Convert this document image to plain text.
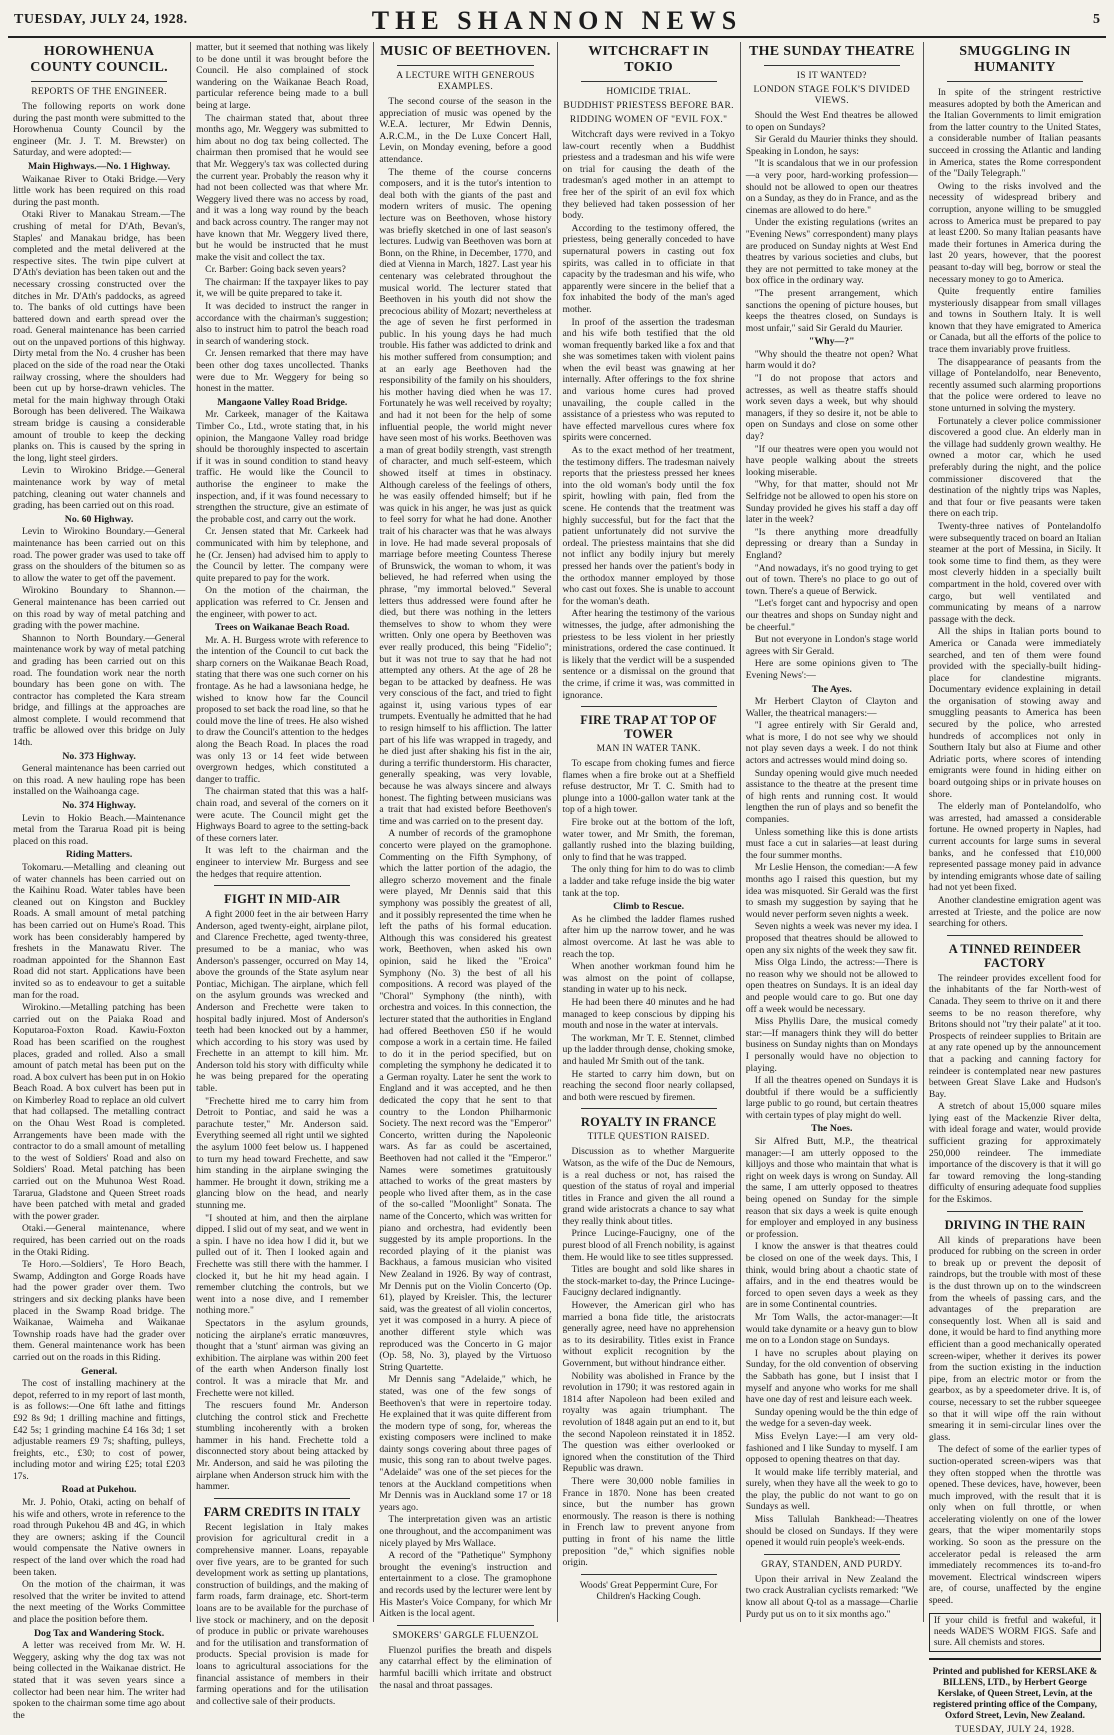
TUESDAY, JULY 24, 1928.	THE SHANNON NEWS	5
HOROWHENUA COUNTY COUNCIL.
REPORTS OF THE ENGINEER.

The following reports on work done during the past month were submitted to the Horowhenua County Council by the engineer (Mr. J. T. M. Brewster) on Saturday, and were adopted:—

Main Highways.—No. 1 Highway.

Waikanae River to Otaki Bridge.—Very little work has been required on this road during the past month.

Otaki River to Manakau Stream.—The crushing of metal for D'Ath, Bevan's, Staples' and Manakau bridge, has been completed and the metal delivered at the respective sites. The twin pipe culvert at D'Ath's deviation has been taken out and the necessary crossing constructed over the ditches in Mr. D'Ath's paddocks, as agreed to. The banks of old cuttings have been battered down and earth spread over the road. General maintenance has been carried out on the unpaved portions of this highway. Dirty metal from the No. 4 crusher has been placed on the side of the road near the Otaki railway crossing, where the shoulders had been cut up by horse-drawn vehicles. The metal for the main highway through Otaki Borough has been delivered. The Waikawa stream bridge is causing a considerable amount of trouble to keep the decking planks on. This is caused by the spring in the long, light steel girders.

Levin to Wirokino Bridge.—General maintenance work by way of metal patching, cleaning out water channels and grading, has been carried out on this road.

No. 60 Highway.

Levin to Wirokino Boundary.—General maintenance has been carried out on this road. The power grader was used to take off grass on the shoulders of the bitumen so as to allow the water to get off the pavement.

Wirokino Boundary to Shannon.—General maintenance has been carried out on this road by way of metal patching and grading with the power machine.

Shannon to North Boundary.—General maintenance work by way of metal patching and grading has been carried out on this road. The foundation work near the north boundary has been gone on with. The contractor has completed the Kara stream bridge, and fillings at the approaches are almost complete. I would recommend that traffic be allowed over this bridge on July 14th.

No. 373 Highway.

General maintenance has been carried out on this road. A new hauling rope has been installed on the Waihoanga cage.

No. 374 Highway.

Levin to Hokio Beach.—Maintenance metal from the Tararua Road pit is being placed on this road.

Riding Matters.

Tokomaru.—Metalling and cleaning out of water channels has been carried out on the Kaihinu Road. Water tables have been cleaned out on Kingston and Buckley Roads. A small amount of metal patching has been carried out on Hume's Road. This work has been considerably hampered by freshets in the Manawatu River. The roadman appointed for the Shannon East Road did not start. Applications have been invited so as to endeavour to get a suitable man for the road.

Wirokino.—Metalling patching has been carried out on the Paiaka Road and Koputaroa-Foxton Road. Kawiu-Foxton Road has been scarified on the roughest places, graded and rolled. Also a small amount of patch metal has been put on the road. A box culvert has been put in on Hokio Beach Road. A box culvert has been put in on Kimberley Road to replace an old culvert that had collapsed. The metalling contract on the Ohau West Road is completed. Arrangements have been made with the contractor to do a small amount of metalling to the west of Soldiers' Road and also on Soldiers' Road. Metal patching has been carried out on the Muhunoa West Road. Tararua, Gladstone and Queen Street roads have been patched with metal and graded with the power grader.

Otaki.—General maintenance, where required, has been carried out on the roads in the Otaki Riding.

Te Horo.—Soldiers', Te Horo Beach, Swamp, Addington and Gorge Roads have had the power grader over them. Two stringers and six decking planks have been placed in the Swamp Road bridge. The Waikanae, Waimeha and Waikanae Township roads have had the grader over them. General maintenance work has been carried out on the roads in this Riding.

General.

The cost of installing machinery at the depot, referred to in my report of last month, is as follows:—One 6ft lathe and fittings £92 8s 9d; 1 drilling machine and fittings, £42 5s; 1 grinding machine £4 16s 3d; 1 set adjustable reamers £9 7s; shafting, pulleys, freights, etc., £30; to cost of power, including motor and wiring £25; total £203 17s.

Road at Pukehou.

Mr. J. Pohio, Otaki, acting on behalf of his wife and others, wrote in reference to the road through Pukehou 4B and 4G, in which they are owners; asking if the Council would compensate the Native owners in respect of the land over which the road had been taken.

On the motion of the chairman, it was resolved that the writer be invited to attend the next meeting of the Works Committee and place the position before them.

Dog Tax and Wandering Stock.

A letter was received from Mr. W. H. Weggery, asking why the dog tax was not being collected in the Waikanae district. He stated that it was seven years since a collector had been near him. The writer had spoken to the chairman some time ago about the

matter, but it seemed that nothing was likely to be done until it was brought before the Council. He also complained of stock wandering on the Waikanae Beach Road, particular reference being made to a bull being at large.

The chairman stated that, about three months ago, Mr. Weggery was submitted to him about no dog tax being collected. The chairman then promised that he would see that Mr. Weggery's tax was collected during the current year. Probably the reason why it had not been collected was that where Mr. Weggery lived there was no access by road, and it was a long way round by the beach and back across country. The ranger may not have known that Mr. Weggery lived there, but he would be instructed that he must make the visit and collect the tax.

Cr. Barber: Going back seven years?

The chairman: If the taxpayer likes to pay it, we will be quite prepared to take it.

It was decided to instruct the ranger in accordance with the chairman's suggestion; also to instruct him to patrol the beach road in search of wandering stock.

Cr. Jensen remarked that there may have been other dog taxes uncollected. Thanks were due to Mr. Weggery for being so honest in the matter.

Mangaone Valley Road Bridge.

Mr. Carkeek, manager of the Kaitawa Timber Co., Ltd., wrote stating that, in his opinion, the Mangaone Valley road bridge should be thoroughly inspected to ascertain if it was in sound condition to stand heavy traffic. He would like the Council to authorise the engineer to make the inspection, and, if it was found necessary to strengthen the structure, give an estimate of the probable cost, and carry out the work.

Cr. Jensen stated that Mr. Carkeek had communicated with him by telephone, and he (Cr. Jensen) had advised him to apply to the Council by letter. The company were quite prepared to pay for the work.

On the motion of the chairman, the application was referred to Cr. Jensen and the engineer, with power to act.

Trees on Waikanae Beach Road.

Mr. A. H. Burgess wrote with reference to the intention of the Council to cut back the sharp corners on the Waikanae Beach Road, stating that there was one such corner on his frontage. As he had a lawsoniana hedge, he wished to know how far the Council proposed to set back the road line, so that he could move the line of trees. He also wished to draw the Council's attention to the hedges along the Beach Road. In places the road was only 13 or 14 feet wide between overgrown hedges, which constituted a danger to traffic.

The chairman stated that this was a half-chain road, and several of the corners on it were acute. The Council might get the Highways Board to agree to the setting-back of these corners later.

It was left to the chairman and the engineer to interview Mr. Burgess and see the hedges that require attention.

FIGHT IN MID-AIR

A fight 2000 feet in the air between Harry Anderson, aged twenty-eight, airplane pilot, and Clarence Frechette, aged twenty-three, presumed to be a maniac, who was Anderson's passenger, occurred on May 14, above the grounds of the State asylum near Pontiac, Michigan. The airplane, which fell on the asylum grounds was wrecked and Anderson and Frechette were taken to hospital badly injured. Most of Anderson's teeth had been knocked out by a hammer, which according to his story was used by Frechette in an attempt to kill him. Mr. Anderson told his story with difficulty while he was being prepared for the operating table.

"Frechette hired me to carry him from Detroit to Pontiac, and said he was a parachute tester," Mr. Anderson said. Everything seemed all right until we sighted the asylum 1000 feet below us. I happened to turn my head toward Frechette, and saw him standing in the airplane swinging the hammer. He brought it down, striking me a glancing blow on the head, and nearly stunning me.

"I shouted at him, and then the airplane dipped. I slid out of my seat, and we went in a spin. I have no idea how I did it, but we pulled out of it. Then I looked again and Frechette was still there with the hammer. I clocked it, but he hit my head again. I remember clutching the controls, but we went into a nose dive, and I remember nothing more."

Spectators in the asylum grounds, noticing the airplane's erratic manœuvres, thought that a 'stunt' airman was giving an exhibition. The airplane was within 200 feet of the earth when Anderson finally lost control. It was a miracle that Mr. and Frechette were not killed.

The rescuers found Mr. Anderson clutching the control stick and Frechette stumbling incoherently with a broken hammer in his hand. Frechette told a disconnected story about being attacked by Mr. Anderson, and said he was piloting the airplane when Anderson struck him with the hammer.

FARM CREDITS IN ITALY

Recent legislation in Italy makes provision for agricultural credit in a comprehensive manner. Loans, repayable over five years, are to be granted for such development work as setting up plantations, construction of buildings, and the making of farm roads, farm drainage, etc. Short-term loans are to be available for the purchase of live stock or machinery, and on the deposit of produce in public or private warehouses and for the utilisation and transformation of products. Special provision is made for loans to agricultural associations for the financial assistance of members in their farming operations and for the utilisation and collective sale of their products.

MUSIC OF BEETHOVEN.
A LECTURE WITH GENEROUS EXAMPLES.

The second course of the season in the appreciation of music was opened by the W.E.A. lecturer, Mr Edwin Dennis, A.R.C.M., in the De Luxe Concert Hall, Levin, on Monday evening, before a good attendance.

The theme of the course concerns composers, and it is the tutor's intention to deal both with the giants of the past and modern writers of music. The opening lecture was on Beethoven, whose history was briefly sketched in one of last season's lectures. Ludwig van Beethoven was born at Bonn, on the Rhine, in December, 1770, and died at Vienna in March, 1827. Last year his centenary was celebrated throughout the musical world. The lecturer stated that Beethoven in his youth did not show the precocious ability of Mozart; nevertheless at the age of seven he first performed in public. In his young days he had much trouble. His father was addicted to drink and his mother suffered from consumption; and at an early age Beethoven had the responsibility of the family on his shoulders, his mother having died when he was 17. Fortunately he was well received by royalty; and had it not been for the help of some influential people, the world might never have seen most of his works. Beethoven was a man of great bodily strength, vast strength of character, and much self-esteem, which showed itself at times in obstinacy. Although careless of the feelings of others, he was easily offended himself; but if he was quick in his anger, he was just as quick to feel sorry for what he had done. Another trait of his character was that he was always in love. He had made several proposals of marriage before meeting Countess Therese of Brunswick, the woman to whom, it was believed, he had referred when using the phrase, "my immortal beloved." Several letters thus addressed were found after he died, but there was nothing in the letters themselves to show to whom they were written. Only one opera by Beethoven was ever really produced, this being "Fidelio"; but it was not true to say that he had not attempted any others. At the age of 28 he began to be attacked by deafness. He was very conscious of the fact, and tried to fight against it, using various types of ear trumpets. Eventually he admitted that he had to resign himself to his affliction. The latter part of his life was wrapped in tragedy, and he died just after shaking his fist in the air, during a terrific thunderstorm. His character, generally speaking, was very lovable, because he was always sincere and always honest. The fighting between musicians was a trait that had existed before Beethoven's time and was carried on to the present day.

A number of records of the gramophone concerto were played on the gramophone. Commenting on the Fifth Symphony, of which the latter portion of the adagio, the allegro scherzo movement and the finale were played, Mr Dennis said that this symphony was possibly the greatest of all, and it possibly represented the time when he left the paths of his formal education. Although this was considered his greatest work, Beethoven, when asked his own opinion, said he liked the "Eroica" Symphony (No. 3) the best of all his compositions. A record was played of the "Choral" Symphony (the ninth), with orchestra and voices. In this connection, the lecturer stated that the authorities in England had offered Beethoven £50 if he would compose a work in a certain time. He failed to do it in the period specified, but on completing the symphony he dedicated it to a German royalty. Later he sent the work to England and it was accepted, and he then dedicated the copy that he sent to that country to the London Philharmonic Society. The next record was the "Emperor" Concerto, written during the Napoleonic wars. As far as could be ascertained, Beethoven had not called it the "Emperor." Names were sometimes gratuitously attached to works of the great masters by people who lived after them, as in the case of the so-called "Moonlight" Sonata. The name of the Concerto, which was written for piano and orchestra, had evidently been suggested by its ample proportions. In the recorded playing of it the pianist was Backhaus, a famous musician who visited New Zealand in 1926. By way of contrast, Mr Dennis put on the Violin Concerto (Op. 61), played by Kreisler. This, the lecturer said, was the greatest of all violin concertos, yet it was composed in a hurry. A piece of another different style which was reproduced was the Concerto in G major (Op. 58, No. 3), played by the Virtuoso String Quartette.

Mr Dennis sang "Adelaide," which, he stated, was one of the few songs of Beethoven's that were in repertoire today. He explained that it was quite different from the modern type of song, for, whereas the existing composers were inclined to make dainty songs covering about three pages of music, this song ran to about twelve pages. "Adelaide" was one of the set pieces for the tenors at the Auckland competitions when Mr Dennis was in Auckland some 17 or 18 years ago.

The interpretation given was an artistic one throughout, and the accompaniment was nicely played by Mrs Wallace.

A record of the "Pathetique" Symphony brought the evening's instruction and entertainment to a close. The gramophone and records used by the lecturer were lent by His Master's Voice Company, for which Mr Aitken is the local agent.

SMOKERS' GARGLE FLUENZOL

Fluenzol purifies the breath and dispels any catarrhal effect by the elimination of harmful bacilli which irritate and obstruct the nasal and throat passages.

WITCHCRAFT IN TOKIO
HOMICIDE TRIAL.
BUDDHIST PRIESTESS BEFORE BAR.
RIDDING WOMEN OF "EVIL FOX."

Witchcraft days were revived in a Tokyo law-court recently when a Buddhist priestess and a tradesman and his wife were on trial for causing the death of the tradesman's aged mother in an attempt to free her of the spirit of an evil fox which they believed had taken possession of her body.

According to the testimony offered, the priestess, being generally conceded to have supernatural powers in casting out fox spirits, was called in to officiate in that capacity by the tradesman and his wife, who apparently were sincere in the belief that a fox inhabited the body of the man's aged mother.

In proof of the assertion the tradesman and his wife both testified that the old woman frequently barked like a fox and that she was sometimes taken with violent pains when the evil beast was gnawing at her internally. After offerings to the fox shrine and various home cures had proved unavailing, the couple called in the assistance of a priestess who was reputed to have effected marvellous cures where fox spirits were concerned.

As to the exact method of her treatment, the testimony differs. The tradesman naively reports that the priestess pressed her knees into the old woman's body until the fox spirit, howling with pain, fled from the scene. He contends that the treatment was highly successful, but for the fact that the patient unfortunately did not survive the ordeal. The priestess maintains that she did not inflict any bodily injury but merely pressed her hands over the patient's body in the orthodox manner employed by those who cast out foxes. She is unable to account for the woman's death.

After hearing the testimony of the various witnesses, the judge, after admonishing the priestess to be less violent in her priestly ministrations, ordered the case continued. It is likely that the verdict will be a suspended sentence or a dismissal on the ground that the crime, if crime it was, was committed in ignorance.

FIRE TRAP AT TOP OF TOWER
MAN IN WATER TANK.

To escape from choking fumes and fierce flames when a fire broke out at a Sheffield refuse destructor, Mr T. C. Smith had to plunge into a 1000-gallon water tank at the top of a high tower.

Fire broke out at the bottom of the loft, water tower, and Mr Smith, the foreman, gallantly rushed into the blazing building, only to find that he was trapped.

The only thing for him to do was to climb a ladder and take refuge inside the big water tank at the top.

Climb to Rescue.

As he climbed the ladder flames rushed after him up the narrow tower, and he was almost overcome. At last he was able to reach the top.

When another workman found him he was almost on the point of collapse, standing in water up to his neck.

He had been there 40 minutes and he had managed to keep conscious by dipping his mouth and nose in the water at intervals.

The workman, Mr T. E. Stennet, climbed up the ladder through dense, choking smoke, and hauled Mr Smith out of the tank.

He started to carry him down, but on reaching the second floor nearly collapsed, and both were rescued by firemen.

ROYALTY IN FRANCE
TITLE QUESTION RAISED.

Discussion as to whether Marguerite Watson, as the wife of the Duc de Nemours, is a real duchess or not, has raised the question of the status of royal and imperial titles in France and given the all round a grand wide aristocrats a chance to say what they really think about titles.

Prince Lucinge-Faucigny, one of the purest blood of all French nobility, is against them. He would like to see titles suppressed.

Titles are bought and sold like shares in the stock-market to-day, the Prince Lucinge-Faucigny declared indignantly.

However, the American girl who has married a bona fide title, the aristocrats generally agree, need have no apprehension as to its desirability. Titles exist in France without explicit recognition by the Government, but without hindrance either.

Nobility was abolished in France by the revolution in 1790; it was restored again in 1814 after Napoleon had been exiled and royalty was again triumphant. The revolution of 1848 again put an end to it, but the second Napoleon reinstated it in 1852. The question was either overlooked or ignored when the constitution of the Third Republic was drawn.

There were 30,000 noble families in France in 1870. None has been created since, but the number has grown enormously. The reason is there is nothing in French law to prevent anyone from putting in front of his name the little preposition "de," which signifies noble origin.

Woods' Great Peppermint Cure, For Children's Hacking Cough.

THE SUNDAY THEATRE
IS IT WANTED?
LONDON STAGE FOLK'S DIVIDED VIEWS.

Should the West End theatres be allowed to open on Sundays?

Sir Gerald du Maurier thinks they should. Speaking in London, he says:

"It is scandalous that we in our profession—a very poor, hard-working profession—should not be allowed to open our theatres on a Sunday, as they do in France, and as the cinemas are allowed to do here."

Under the existing regulations (writes an "Evening News" correspondent) many plays are produced on Sunday nights at West End theatres by various societies and clubs, but they are not permitted to take money at the box office in the ordinary way.

"The present arrangement, which sanctions the opening of picture houses, but keeps the theatres closed, on Sundays is most unfair," said Sir Gerald du Maurier.

"Why—?"

"Why should the theatre not open? What harm would it do?

"I do not propose that actors and actresses, as well as theatre staffs should work seven days a week, but why should managers, if they so desire it, not be able to open on Sundays and close on some other day?

"If our theatres were open you would not have people walking about the streets looking miserable.

"Why, for that matter, should not Mr Selfridge not be allowed to open his store on Sunday provided he gives his staff a day off later in the week?

"Is there anything more dreadfully depressing or dreary than a Sunday in England?

"And nowadays, it's no good trying to get out of town. There's no place to go out of town. There's a queue of Berwick.

"Let's forget cant and hypocrisy and open our theatres and shops on Sunday night and be cheerful."

But not everyone in London's stage world agrees with Sir Gerald.

Here are some opinions given to 'The Evening News':—

The Ayes.

Mr Herbert Clayton of Clayton and Waller, the theatrical managers:—

"I agree entirely with Sir Gerald and, what is more, I do not see why we should not play seven days a week. I do not think actors and actresses would mind doing so.

Sunday opening would give much needed assistance to the theatre at the present time of high rents and running cost. It would lengthen the run of plays and so benefit the companies.

Unless something like this is done artists must face a cut in salaries—at least during the four summer months.

Mr Leslie Henson, the comedian:—A few months ago I raised this question, but my idea was misquoted. Sir Gerald was the first to smash my suggestion by saying that he would never perform seven nights a week.

Seven nights a week was never my idea. I proposed that theatres should be allowed to open any six nights of the week they saw fit.

Miss Olga Lindo, the actress:—There is no reason why we should not be allowed to open theatres on Sundays. It is an ideal day and people would care to go. But one day off a week would be necessary.

Miss Phyllis Dare, the musical comedy star:—If managers think they will do better business on Sunday nights than on Mondays I personally would have no objection to playing.

If all the theatres opened on Sundays it is doubtful if there would be a sufficiently large public to go round, but certain theatres with certain types of play might do well.

The Noes.

Sir Alfred Butt, M.P., the theatrical manager:—I am utterly opposed to the killjoys and those who maintain that what is right on week days is wrong on Sunday. All the same, I am utterly opposed to theatres being opened on Sunday for the simple reason that six days a week is quite enough for employer and employed in any business or profession.

I know the answer is that theatres could be closed on one of the week days. This, I think, would bring about a chaotic state of affairs, and in the end theatres would be forced to open seven days a week as they are in some Continental countries.

Mr Tom Walls, the actor-manager:—It would take dynamite or a heavy gun to blow me on to a London stage on Sundays.

I have no scruples about playing on Sunday, for the old convention of observing the Sabbath has gone, but I insist that I myself and anyone who works for me shall have one day of rest and leisure each week.

Sunday opening would be the thin edge of the wedge for a seven-day week.

Miss Evelyn Laye:—I am very old-fashioned and I like Sunday to myself. I am opposed to opening theatres on that day.

It would make life terribly material, and surely, when they have all the week to go to the play, the public do not want to go on Sundays as well.

Miss Tallulah Bankhead:—Theatres should be closed on Sundays. If they were opened it would ruin people's week-ends.

GRAY, STANDEN, AND PURDY.

Upon their arrival in New Zealand the two crack Australian cyclists remarked: "We know all about Q-tol as a massage—Charlie Purdy put us on to it six months ago."

SMUGGLING IN HUMANITY

In spite of the stringent restrictive measures adopted by both the American and the Italian Governments to limit emigration from the latter country to the United States, a considerable number of Italian peasants succeed in crossing the Atlantic and landing in America, states the Rome correspondent of the "Daily Telegraph."

Owing to the risks involved and the necessity of widespread bribery and corruption, anyone willing to be smuggled across to America must be prepared to pay at least £200. So many Italian peasants have made their fortunes in America during the last 20 years, however, that the poorest peasant to-day will beg, borrow or steal the necessary money to go to America.

Quite frequently entire families mysteriously disappear from small villages and towns in Southern Italy. It is well known that they have emigrated to America or Canada, but all the efforts of the police to trace them invariably prove fruitless.

The disappearance of peasants from the village of Pontelandolfo, near Benevento, recently assumed such alarming proportions that the police were ordered to leave no stone unturned in solving the mystery.

Fortunately a clever police commissioner discovered a good clue. An elderly man in the village had suddenly grown wealthy. He owned a motor car, which he used preferably during the night, and the police commissioner discovered that the destination of the nightly trips was Naples, and that four or five peasants were taken there on each trip.

Twenty-three natives of Pontelandolfo were subsequently traced on board an Italian steamer at the port of Messina, in Sicily. It took some time to find them, as they were most cleverly hidden in a specially built compartment in the hold, covered over with cargo, but well ventilated and communicating by means of a narrow passage with the deck.

All the ships in Italian ports bound to America or Canada were immediately searched, and ten of them were found provided with the specially-built hiding-place for clandestine migrants. Documentary evidence explaining in detail the organisation of stowing away and smuggling peasants to America has been secured by the police, who arrested hundreds of accomplices not only in Southern Italy but also at Fiume and other Adriatic ports, where scores of intending emigrants were found in hiding either on board outgoing ships or in private houses on shore.

The elderly man of Pontelandolfo, who was arrested, had amassed a considerable fortune. He owned property in Naples, had current accounts for large sums in several banks, and he confessed that £10,000 represented passage money paid in advance by intending emigrants whose date of sailing had not yet been fixed.

Another clandestine emigration agent was arrested at Trieste, and the police are now searching for others.

A TINNED REINDEER FACTORY

The reindeer provides excellent food for the inhabitants of the far North-west of Canada. They seem to thrive on it and there seems to be no reason therefore, why Britons should not "try their palate" at it too. Prospects of reindeer supplies to Britain are at any rate opened up by the announcement that a packing and canning factory for reindeer is contemplated near new pastures between Great Slave Lake and Hudson's Bay.

A stretch of about 15,000 square miles lying east of the Mackenzie River delta, with ideal forage and water, would provide sufficient grazing for approximately 250,000 reindeer. The immediate importance of the discovery is that it will go far toward removing the long-standing difficulty of ensuring adequate food supplies for the Eskimos.

DRIVING IN THE RAIN

All kinds of preparations have been produced for rubbing on the screen in order to break up or prevent the deposit of raindrops, but the trouble with most of these is the dust thrown up on to the windscreen from the wheels of passing cars, and the advantages of the preparation are consequently lost. When all is said and done, it would be hard to find anything more efficient than a good mechanically operated screen-wiper, whether it derives its power from the suction existing in the induction pipe, from an electric motor or from the gearbox, as by a speedometer drive. It is, of course, necessary to set the rubber squeegee so that it will wipe off the rain without smearing it in semi-circular lines over the glass.

The defect of some of the earlier types of suction-operated screen-wipers was that they often stopped when the throttle was opened. These devices, have, however, been much improved, with the result that it is only when on full throttle, or when accelerating violently on one of the lower gears, that the wiper momentarily stops working. So soon as the pressure on the accelerator pedal is released the arm immediately recommences its to-and-fro movement. Electrical windscreen wipers are, of course, unaffected by the engine speed.

If your child is fretful and wakeful, it needs WADE'S WORM FIGS. Safe and sure. All chemists and stores.
Printed and published for KERSLAKE & BILLENS, LTD., by Herbert George Kerslake, of Queen Street, Levin, at the registered printing office of the Company, Oxford Street, Levin, New Zealand.
TUESDAY, JULY 24, 1928.
